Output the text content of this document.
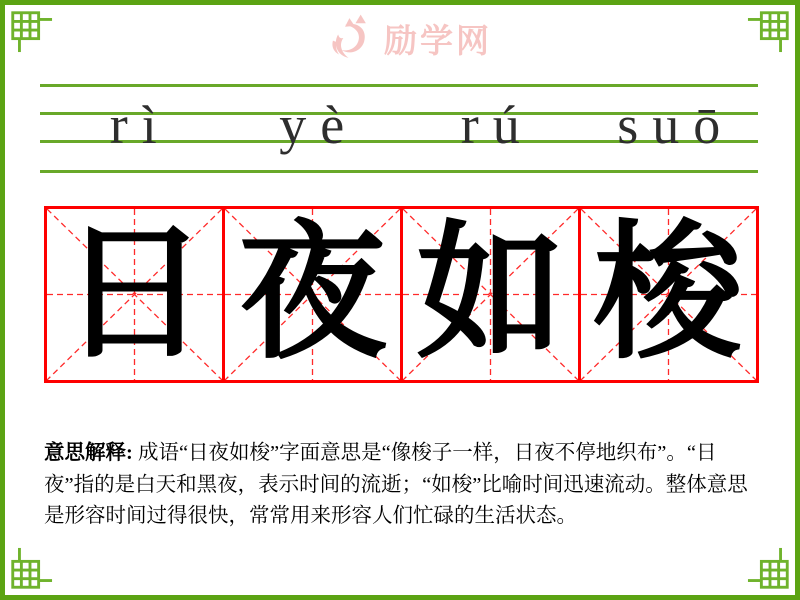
励学网
rì	yè	rú	suō
日 夜 如 梭
意思解释: 成语“日夜如梭”字面意思是“像梭子一样，日夜不停地织布”。“日夜”指的是白天和黑夜，表示时间的流逝；“如梭”比喻时间迅速流动。整体意思是形容时间过得很快，常常用来形容人们忙碌的生活状态。
